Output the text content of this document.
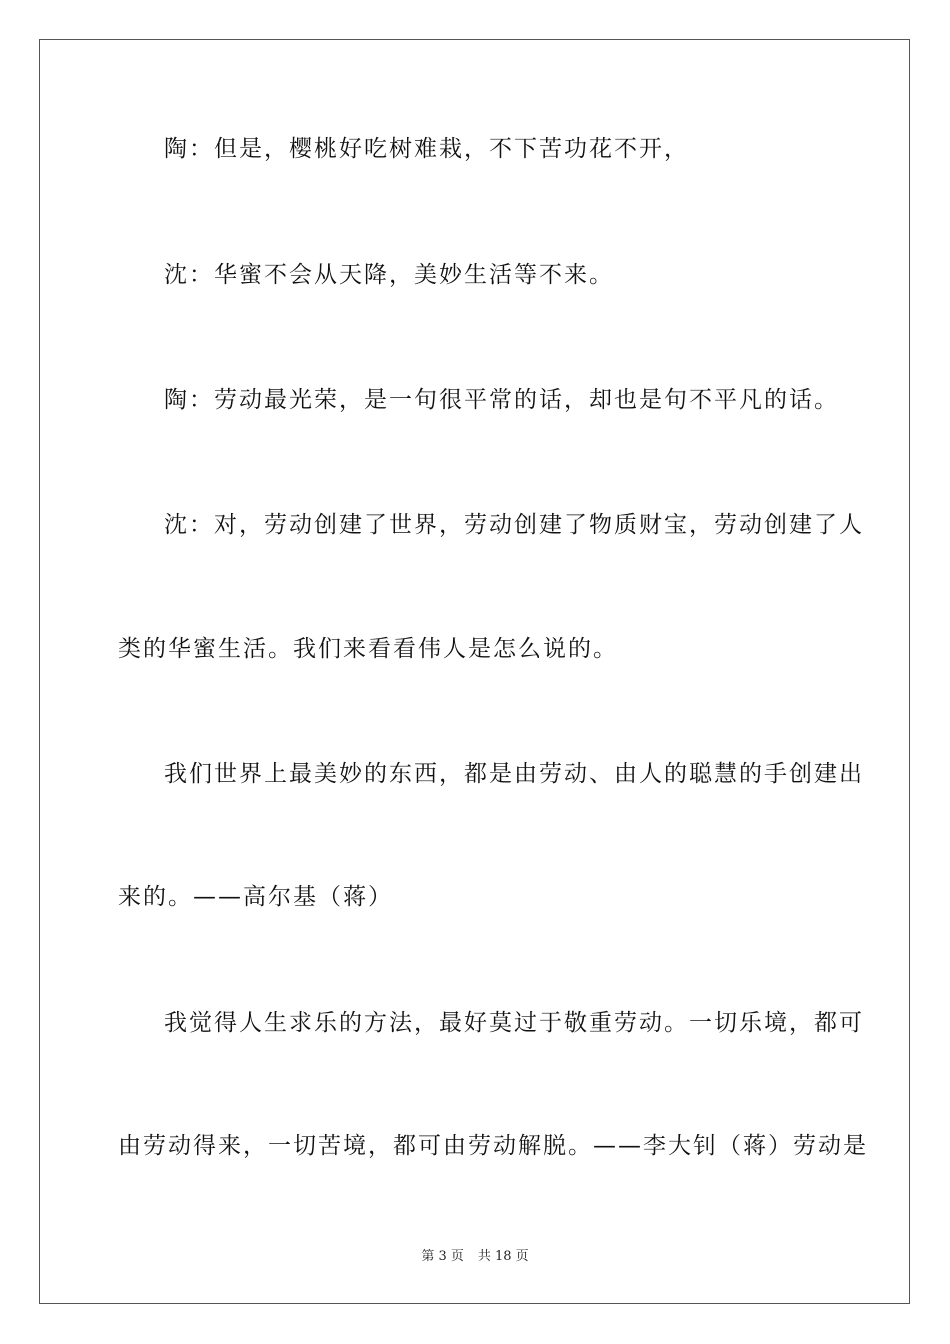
陶：但是，樱桃好吃树难栽，不下苦功花不开，
沈：华蜜不会从天降，美妙生活等不来。
陶：劳动最光荣，是一句很平常的话，却也是句不平凡的话。
沈：对，劳动创建了世界，劳动创建了物质财宝，劳动创建了人
类的华蜜生活。我们来看看伟人是怎么说的。
我们世界上最美妙的东西，都是由劳动、由人的聪慧的手创建出
来的。——高尔基（蒋）
我觉得人生求乐的方法，最好莫过于敬重劳动。一切乐境，都可
由劳动得来，一切苦境，都可由劳动解脱。——李大钊（蒋）劳动是
第 3 页 共 18 页
